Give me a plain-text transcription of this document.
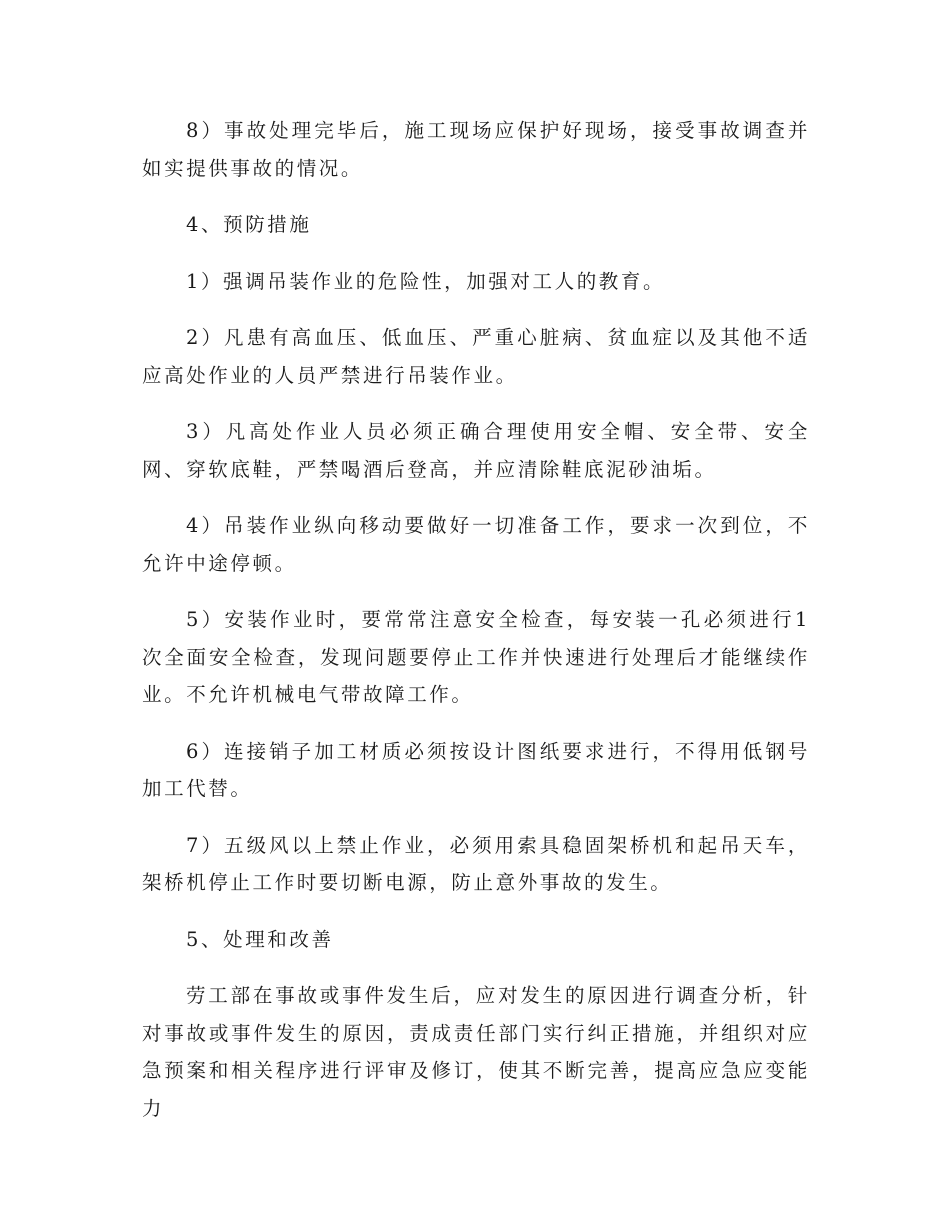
8）事故处理完毕后，施工现场应保护好现场，接受事故调查并如实提供事故的情况。

4、预防措施

1）强调吊装作业的危险性，加强对工人的教育。

2）凡患有高血压、低血压、严重心脏病、贫血症以及其他不适应高处作业的人员严禁进行吊装作业。

3）凡高处作业人员必须正确合理使用安全帽、安全带、安全网、穿软底鞋，严禁喝酒后登高，并应清除鞋底泥砂油垢。

4）吊装作业纵向移动要做好一切准备工作，要求一次到位，不允许中途停顿。

5）安装作业时，要常常注意安全检查，每安装一孔必须进行1次全面安全检查，发现问题要停止工作并快速进行处理后才能继续作业。不允许机械电气带故障工作。

6）连接销子加工材质必须按设计图纸要求进行，不得用低钢号加工代替。

7）五级风以上禁止作业，必须用索具稳固架桥机和起吊天车，架桥机停止工作时要切断电源，防止意外事故的发生。

5、处理和改善

劳工部在事故或事件发生后，应对发生的原因进行调查分析，针对事故或事件发生的原因，责成责任部门实行纠正措施，并组织对应急预案和相关程序进行评审及修订，使其不断完善，提高应急应变能力
